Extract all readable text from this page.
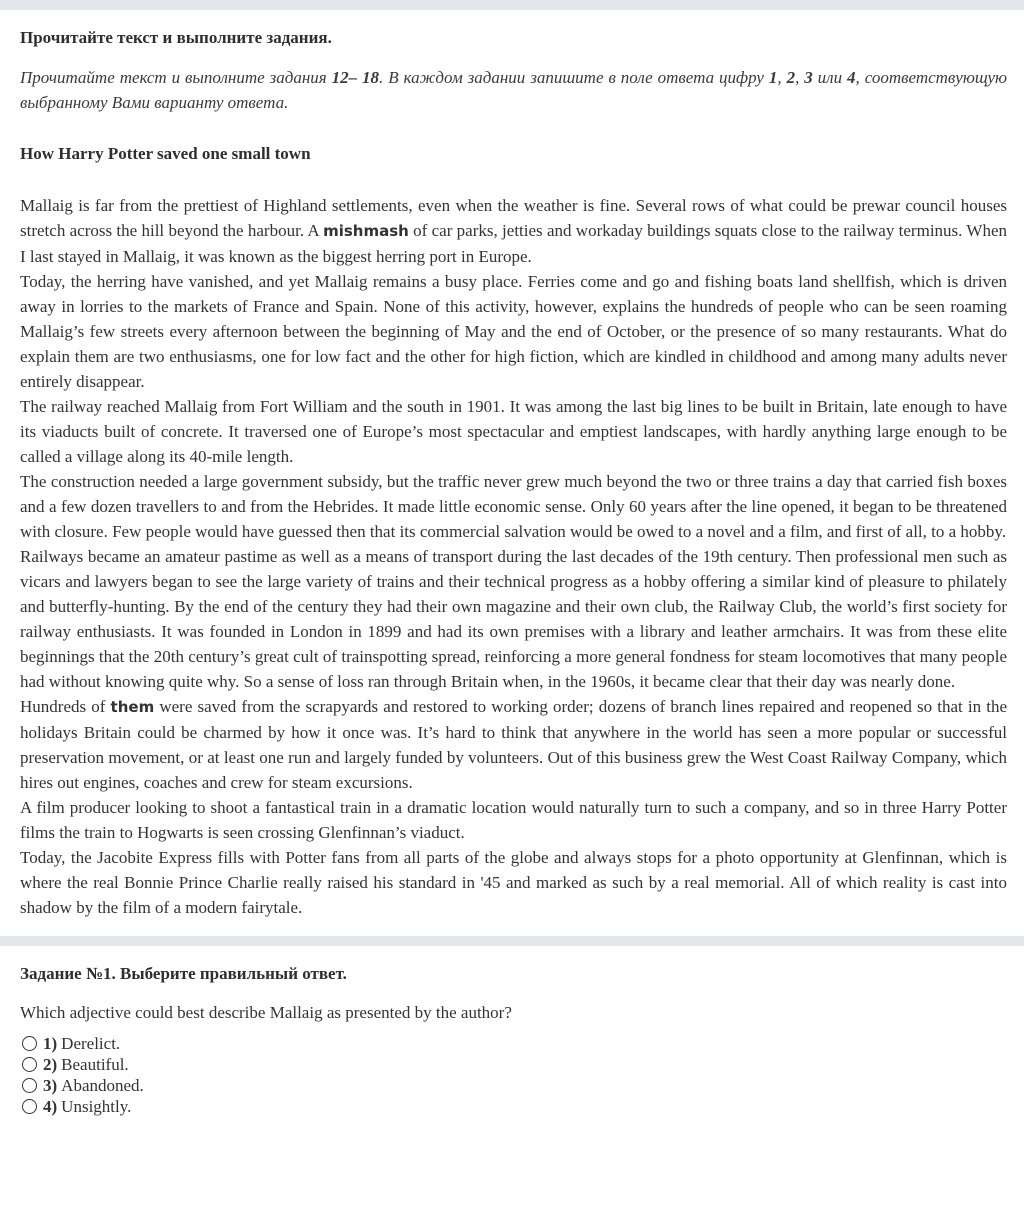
Прочитайте текст и выполните задания.
Прочитайте текст и выполните задания 12– 18. В каждом задании запишите в поле ответа цифру 1, 2, 3 или 4, соответствующую выбранному Вами варианту ответа.
How Harry Potter saved one small town

Mallaig is far from the prettiest of Highland settlements, even when the weather is fine. Several rows of what could be prewar council houses stretch across the hill beyond the harbour. A mishmash of car parks, jetties and workaday buildings squats close to the railway terminus. When I last stayed in Mallaig, it was known as the biggest herring port in Europe.

Today, the herring have vanished, and yet Mallaig remains a busy place. Ferries come and go and fishing boats land shellfish, which is driven away in lorries to the markets of France and Spain. None of this activity, however, explains the hundreds of people who can be seen roaming Mallaig’s few streets every afternoon between the beginning of May and the end of October, or the presence of so many restaurants. What do explain them are two enthusiasms, one for low fact and the other for high fiction, which are kindled in childhood and among many adults never entirely disappear.

The railway reached Mallaig from Fort William and the south in 1901. It was among the last big lines to be built in Britain, late enough to have its viaducts built of concrete. It traversed one of Europe’s most spectacular and emptiest landscapes, with hardly anything large enough to be called a village along its 40-mile length.

The construction needed a large government subsidy, but the traffic never grew much beyond the two or three trains a day that carried fish boxes and a few dozen travellers to and from the Hebrides. It made little economic sense. Only 60 years after the line opened, it began to be threatened with closure. Few people would have guessed then that its commercial salvation would be owed to a novel and a film, and first of all, to a hobby.

Railways became an amateur pastime as well as a means of transport during the last decades of the 19th century. Then professional men such as vicars and lawyers began to see the large variety of trains and their technical progress as a hobby offering a similar kind of pleasure to philately and butterfly-hunting. By the end of the century they had their own magazine and their own club, the Railway Club, the world’s first society for railway enthusiasts. It was founded in London in 1899 and had its own premises with a library and leather armchairs. It was from these elite beginnings that the 20th century’s great cult of trainspotting spread, reinforcing a more general fondness for steam locomotives that many people had without knowing quite why. So a sense of loss ran through Britain when, in the 1960s, it became clear that their day was nearly done.

Hundreds of them were saved from the scrapyards and restored to working order; dozens of branch lines repaired and reopened so that in the holidays Britain could be charmed by how it once was. It’s hard to think that anywhere in the world has seen a more popular or successful preservation movement, or at least one run and largely funded by volunteers. Out of this business grew the West Coast Railway Company, which hires out engines, coaches and crew for steam excursions.

A film producer looking to shoot a fantastical train in a dramatic location would naturally turn to such a company, and so in three Harry Potter films the train to Hogwarts is seen crossing Glenfinnan’s viaduct.

Today, the Jacobite Express fills with Potter fans from all parts of the globe and always stops for a photo opportunity at Glenfinnan, which is where the real Bonnie Prince Charlie really raised his standard in '45 and marked as such by a real memorial. All of which reality is cast into shadow by the film of a modern fairytale.

Задание №1. Выберите правильный ответ.
Which adjective could best describe Mallaig as presented by the author?
1) Derelict.
2) Beautiful.
3) Abandoned.
4) Unsightly.
